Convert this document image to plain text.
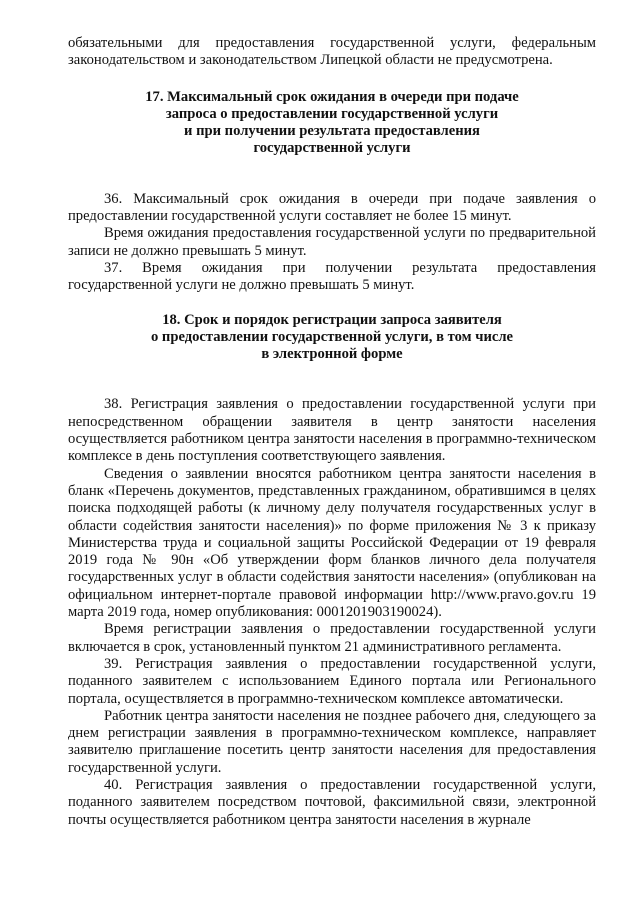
обязательными для предоставления государственной услуги, федеральным законодательством и законодательством Липецкой области не предусмотрена.

17. Максимальный срок ожидания в очереди при подаче
запроса о предоставлении государственной услуги
и при получении результата предоставления
государственной услуги

36. Максимальный срок ожидания в очереди при подаче заявления о предоставлении государственной услуги составляет не более 15 минут.

Время ожидания предоставления государственной услуги по предварительной записи не должно превышать 5 минут.

37. Время ожидания при получении результата предоставления государственной услуги не должно превышать 5 минут.

18. Срок и порядок регистрации запроса заявителя
о предоставлении государственной услуги, в том числе
в электронной форме

38. Регистрация заявления о предоставлении государственной услуги при непосредственном обращении заявителя в центр занятости населения осуществляется работником центра занятости населения в программно-техническом комплексе в день поступления соответствующего заявления.

Сведения о заявлении вносятся работником центра занятости населения в бланк «Перечень документов, представленных гражданином, обратившимся в целях поиска подходящей работы (к личному делу получателя государственных услуг в области содействия занятости населения)» по форме приложения № 3 к приказу Министерства труда и социальной защиты Российской Федерации от 19 февраля 2019 года № 90н «Об утверждении форм бланков личного дела получателя государственных услуг в области содействия занятости населения» (опубликован на официальном интернет-портале правовой информации http://www.pravo.gov.ru 19 марта 2019 года, номер опубликования: 0001201903190024).

Время регистрации заявления о предоставлении государственной услуги включается в срок, установленный пунктом 21 административного регламента.

39. Регистрация заявления о предоставлении государственной услуги, поданного заявителем с использованием Единого портала или Регионального портала, осуществляется в программно-техническом комплексе автоматически.

Работник центра занятости населения не позднее рабочего дня, следующего за днем регистрации заявления в программно-техническом комплексе, направляет заявителю приглашение посетить центр занятости населения для предоставления государственной услуги.

40. Регистрация заявления о предоставлении государственной услуги, поданного заявителем посредством почтовой, факсимильной связи, электронной почты осуществляется работником центра занятости населения в журнале
